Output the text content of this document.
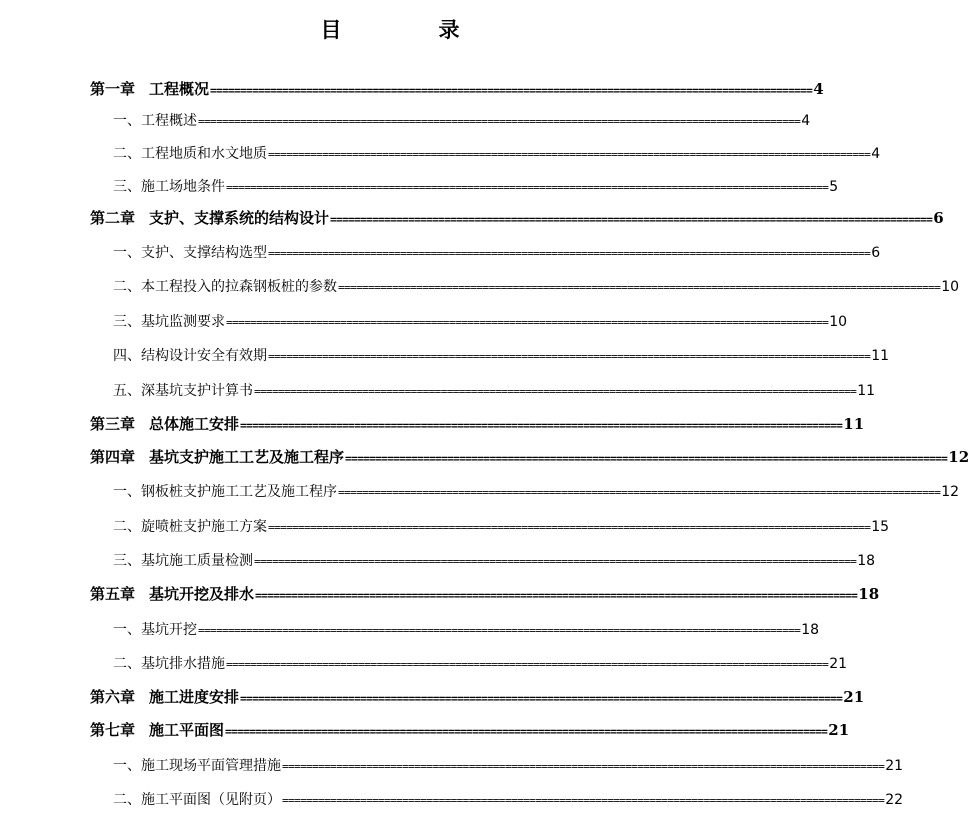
目　录
第一章 工程概况 ==================================================================================================== 4
一、 工程概述 ==================================================================================================== 4
二、 工程地质和水文地质 ==================================================================================================== 4
三、 施工场地条件 ==================================================================================================== 5
第二章 支护、支撑系统的结构设计 ==================================================================================================== 6
一、 支护、支撑结构选型 ==================================================================================================== 6
二、 本工程投入的拉森钢板桩的参数 ==================================================================================================== 10
三、 基坑监测要求 ==================================================================================================== 10
四、 结构设计安全有效期 ==================================================================================================== 11
五、 深基坑支护计算书 ==================================================================================================== 11
第三章 总体施工安排 ==================================================================================================== 11
第四章 基坑支护施工工艺及施工程序 ==================================================================================================== 12
一、 钢板桩支护施工工艺及施工程序 ==================================================================================================== 12
二、 旋喷桩支护施工方案 ==================================================================================================== 15
三、 基坑施工质量检测 ==================================================================================================== 18
第五章 基坑开挖及排水 ==================================================================================================== 18
一、 基坑开挖 ==================================================================================================== 18
二、 基坑排水措施 ==================================================================================================== 21
第六章 施工进度安排 ==================================================================================================== 21
第七章 施工平面图 ==================================================================================================== 21
一、 施工现场平面管理措施 ==================================================================================================== 21
二、 施工平面图（见附页） ==================================================================================================== 22
